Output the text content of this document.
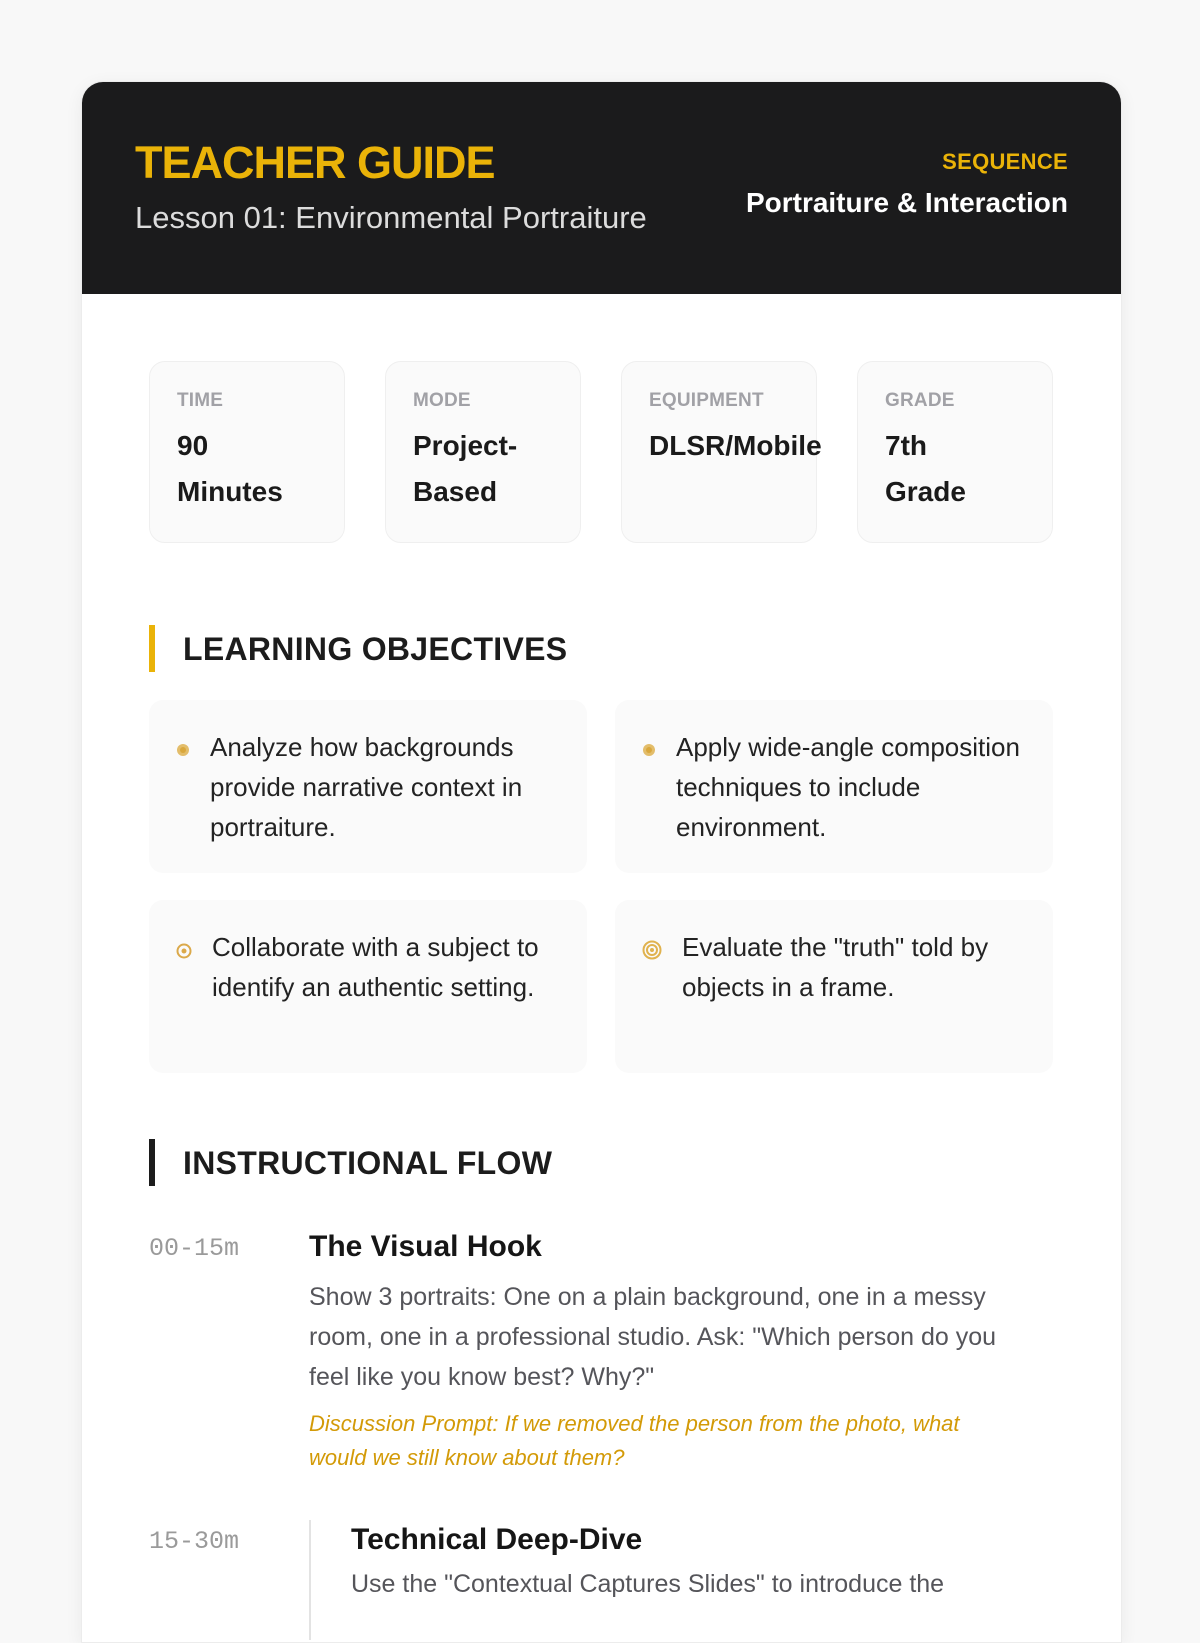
TEACHER GUIDE
Lesson 01: Environmental Portraiture
SEQUENCE
Portraiture & Interaction
TIME
90 Minutes
MODE
Project-Based
EQUIPMENT
DLSR/Mobile
GRADE
7th Grade
LEARNING OBJECTIVES
Analyze how backgrounds provide narrative context in portraiture.
Apply wide-angle composition techniques to include environment.
Collaborate with a subject to identify an authentic setting.
Evaluate the "truth" told by objects in a frame.
INSTRUCTIONAL FLOW
00-15m The Visual Hook
Show 3 portraits: One on a plain background, one in a messy room, one in a professional studio. Ask: "Which person do you feel like you know best? Why?"
Discussion Prompt: If we removed the person from the photo, what would we still know about them?
15-30m	Technical Deep-Dive
Use the "Contextual Captures Slides" to introduce the
